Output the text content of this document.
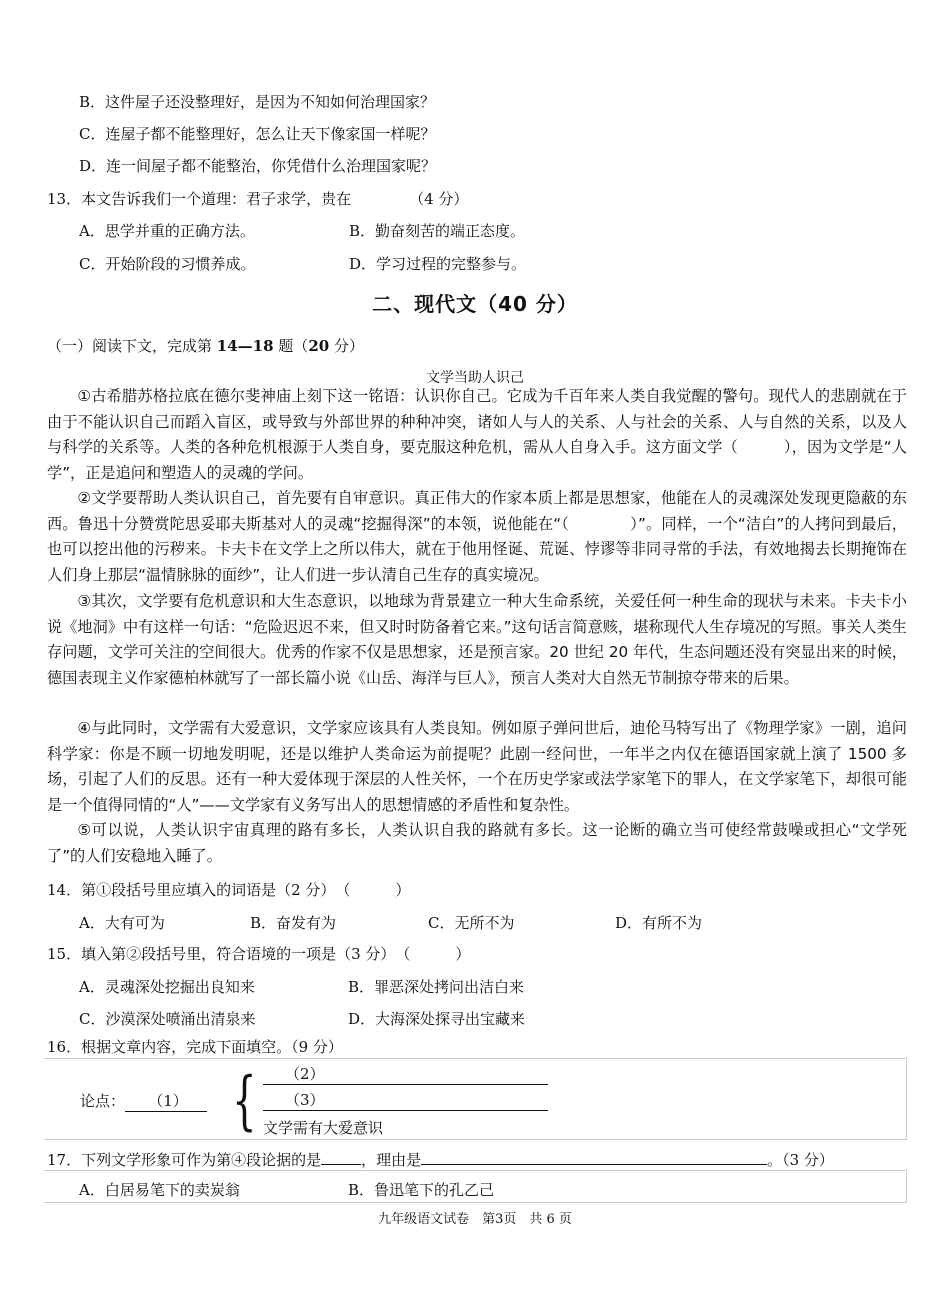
B．这件屋子还没整理好，是因为不知如何治理国家？
C．连屋子都不能整理好，怎么让天下像家国一样呢？
D．连一间屋子都不能整治，你凭借什么治理国家呢？
13．本文告诉我们一个道理：君子求学，贵在	（4 分）
A．思学并重的正确方法。	B．勤奋刻苦的端正态度。
C．开始阶段的习惯养成。	D．学习过程的完整参与。
二、现代文（40 分）
（一）阅读下文，完成第 14—18 题（20 分）
文学当助人识己
①古希腊苏格拉底在德尔斐神庙上刻下这一铭语：认识你自己。它成为千百年来人类自我觉醒的警句。现代人的悲剧就在于由于不能认识自己而蹈入盲区，或导致与外部世界的种种冲突，诸如人与人的关系、人与社会的关系、人与自然的关系，以及人与科学的关系等。人类的各种危机根源于人类自身，要克服这种危机，需从人自身入手。这方面文学（　　　），因为文学是“人学”，正是追问和塑造人的灵魂的学问。
②文学要帮助人类认识自己，首先要有自审意识。真正伟大的作家本质上都是思想家，他能在人的灵魂深处发现更隐蔽的东西。鲁迅十分赞赏陀思妥耶夫斯基对人的灵魂“挖掘得深”的本领，说他能在“（　　　　）”。同样，一个“洁白”的人拷问到最后，也可以挖出他的污秽来。卡夫卡在文学上之所以伟大，就在于他用怪诞、荒诞、悖谬等非同寻常的手法，有效地揭去长期掩饰在人们身上那层“温情脉脉的面纱”，让人们进一步认清自己生存的真实境况。
③其次，文学要有危机意识和大生态意识，以地球为背景建立一种大生命系统，关爱任何一种生命的现状与未来。卡夫卡小说《地洞》中有这样一句话：“危险迟迟不来，但又时时防备着它来。”这句话言简意赅，堪称现代人生存境况的写照。事关人类生存问题，文学可关注的空间很大。优秀的作家不仅是思想家，还是预言家。20 世纪 20 年代，生态问题还没有突显出来的时候，德国表现主义作家德柏林就写了一部长篇小说《山岳、海洋与巨人》，预言人类对大自然无节制掠夺带来的后果。
④与此同时，文学需有大爱意识，文学家应该具有人类良知。例如原子弹问世后，迪伦马特写出了《物理学家》一剧，追问科学家：你是不顾一切地发明呢，还是以维护人类命运为前提呢？此剧一经问世，一年半之内仅在德语国家就上演了 1500 多场，引起了人们的反思。还有一种大爱体现于深层的人性关怀，一个在历史学家或法学家笔下的罪人，在文学家笔下，却很可能是一个值得同情的“人”——文学家有义务写出人的思想情感的矛盾性和复杂性。
⑤可以说，人类认识宇宙真理的路有多长，人类认识自我的路就有多长。这一论断的确立当可使经常鼓噪或担心“文学死了”的人们安稳地入睡了。
14．第①段括号里应填入的词语是（2 分）　（　　　）
A．大有可为	B．奋发有为	C．无所不为	D．有所不为
15．填入第②段括号里，符合语境的一项是（3 分）　（　　　）
A．灵魂深处挖掘出良知来	B．罪恶深处拷问出洁白来
C．沙漠深处喷涌出清泉来	D．大海深处探寻出宝藏来
16．根据文章内容，完成下面填空。（9 分）
论点： （1） {	（2）
（3）
文学需有大爱意识
17．下列文学形象可作为第④段论据的是	，理由是	。（3 分）
A．白居易笔下的卖炭翁	B．鲁迅笔下的孔乙己
九年级语文试卷　第3页　共 6 页
